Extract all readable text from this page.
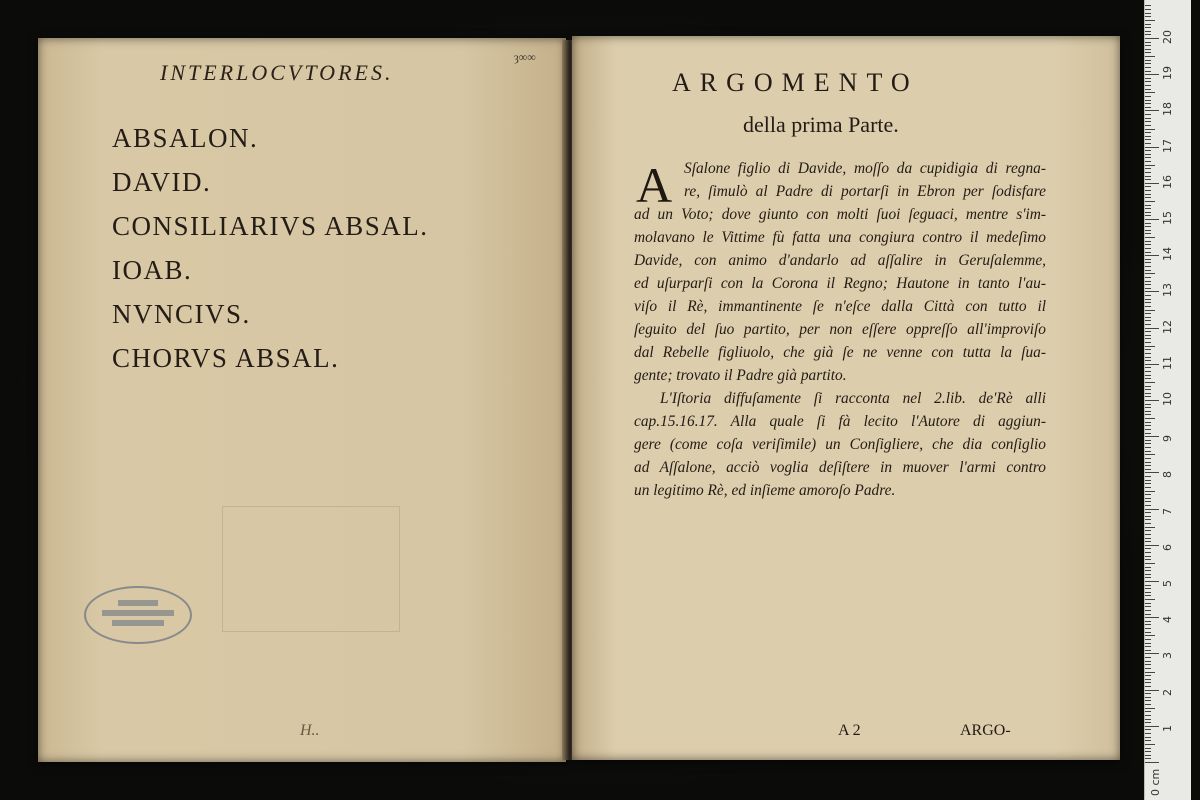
ȝ∞∞
INTERLOCVTORES.
ABSALON.
DAVID.
CONSILIARIVS ABSAL.
IOAB.
NVNCIVS.
CHORVS ABSAL.
H..
ARGOMENTO
della prima Parte.
A Sſalone figlio di Davide, moſſo da cupidigia di regna-
re, ſimulò al Padre di portarſi in Ebron per ſodisfare
ad un Voto; dove giunto con molti ſuoi ſeguaci, mentre s'im-
molavano le Vittime fù fatta una congiura contro il medeſimo
Davide, con animo d'andarlo ad aſſalire in Geruſalemme,
ed uſurparſi con la Corona il Regno; Hautone in tanto l'au-
viſo il Rè, immantinente ſe n'eſce dalla Città con tutto il
ſeguito del ſuo partito, per non eſſere oppreſſo all'improviſo
dal Rebelle figliuolo, che già ſe ne venne con tutta la ſua-
gente; trovato il Padre già partito.
L'Iſtoria diffuſamente ſi racconta nel 2.lib. de'Rè alli
cap.15.16.17. Alla quale ſi fà lecito l'Autore di aggiun-
gere (come coſa veriſimile) un Conſigliere, che dia conſiglio
ad Aſſalone, acciò voglia deſiſtere in muover l'armi contro
un legitimo Rè, ed inſieme amoroſo Padre.
A 2	ARGO-
0 cm
1
2
3
4
5
6
7
8
9
10
11
12
13
14
15
16
17
18
19
20
